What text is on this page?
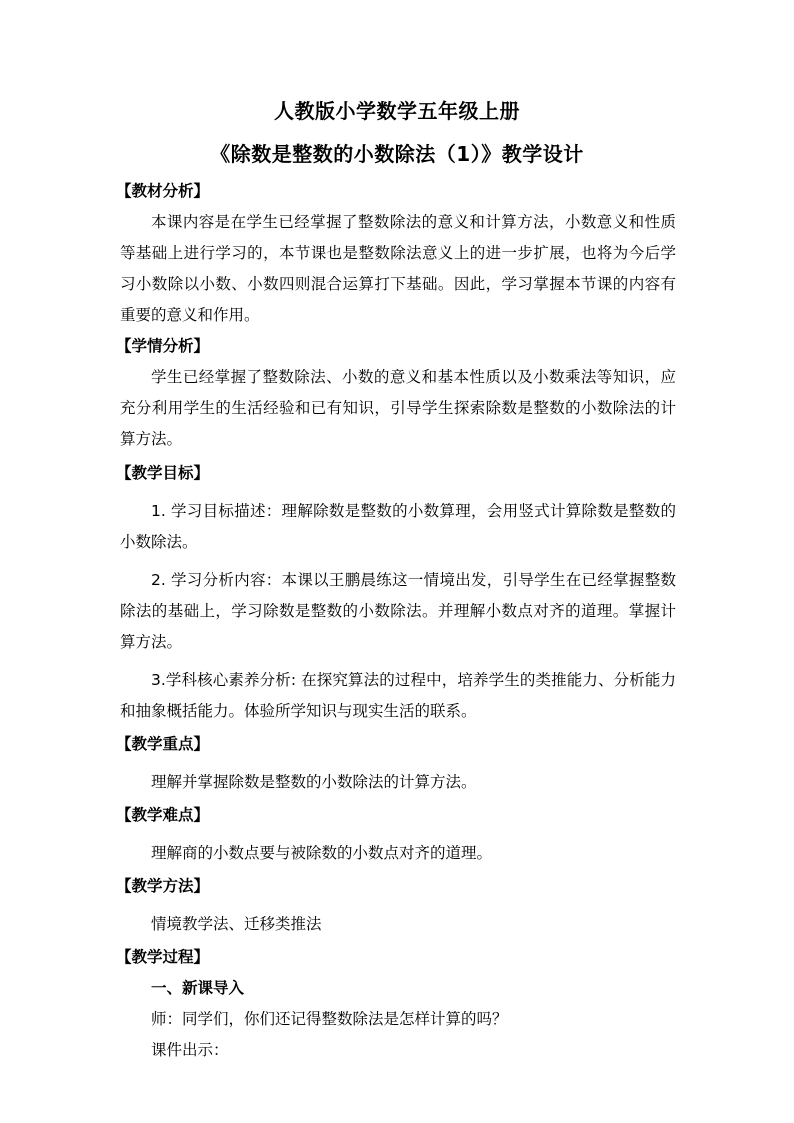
人教版小学数学五年级上册
《除数是整数的小数除法（1）》教学设计
【教材分析】

本课内容是在学生已经掌握了整数除法的意义和计算方法，小数意义和性质等基础上进行学习的，本节课也是整数除法意义上的进一步扩展，也将为今后学习小数除以小数、小数四则混合运算打下基础。因此，学习掌握本节课的内容有重要的意义和作用。

【学情分析】

学生已经掌握了整数除法、小数的意义和基本性质以及小数乘法等知识，应充分利用学生的生活经验和已有知识，引导学生探索除数是整数的小数除法的计算方法。

【教学目标】

1. 学习目标描述：理解除数是整数的小数算理，会用竖式计算除数是整数的小数除法。

2. 学习分析内容：本课以王鹏晨练这一情境出发，引导学生在已经掌握整数除法的基础上，学习除数是整数的小数除法。并理解小数点对齐的道理。掌握计算方法。

3.学科核心素养分析: 在探究算法的过程中，培养学生的类推能力、分析能力和抽象概括能力。体验所学知识与现实生活的联系。

【教学重点】
理解并掌握除数是整数的小数除法的计算方法。
【教学难点】
理解商的小数点要与被除数的小数点对齐的道理。
【教学方法】
情境教学法、迁移类推法
【教学过程】
一、新课导入
师：同学们，你们还记得整数除法是怎样计算的吗？
课件出示：
